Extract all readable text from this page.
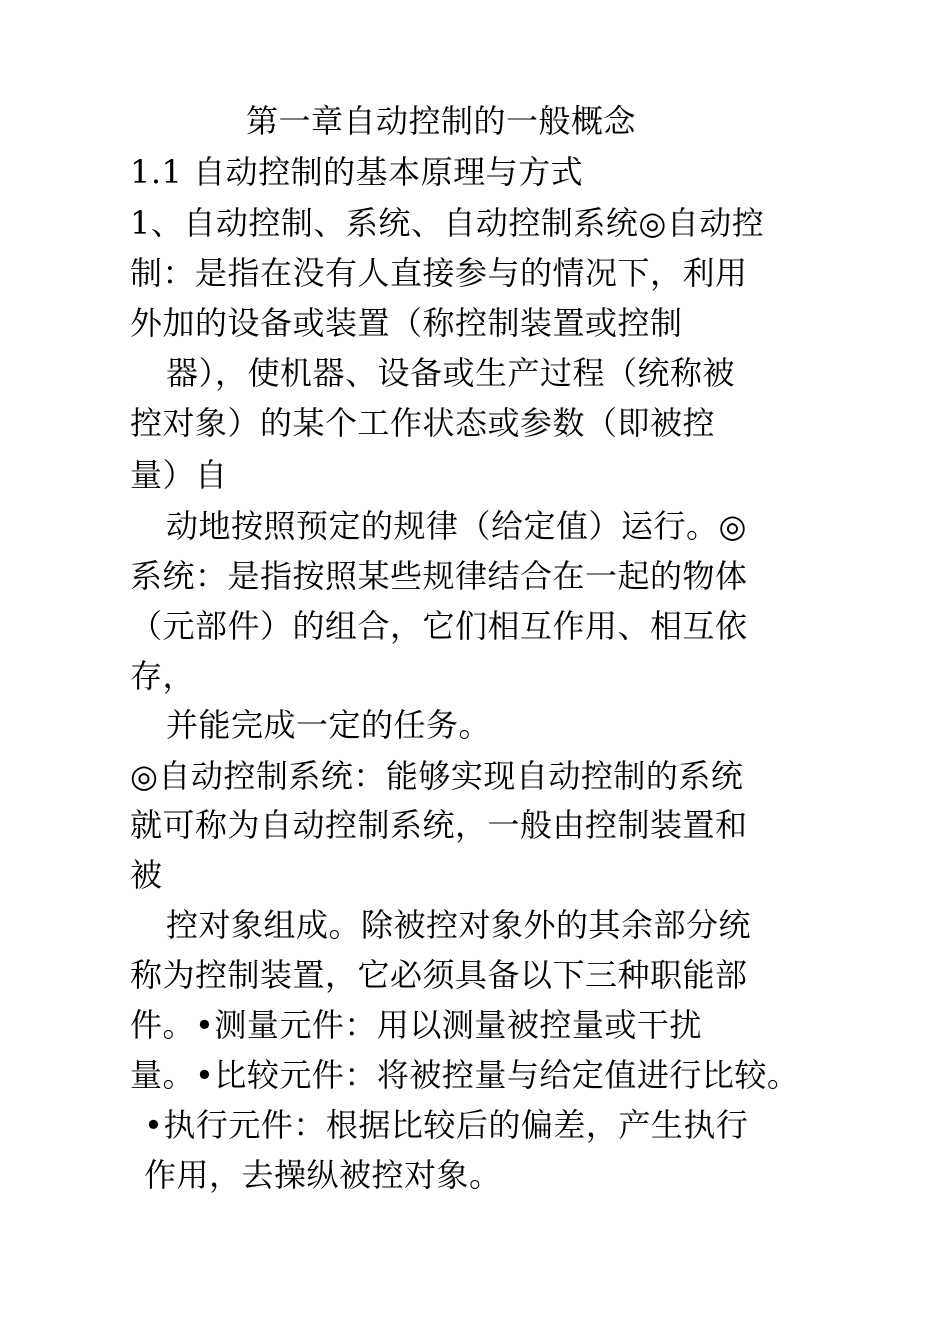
第一章自动控制的一般概念
1.1 自动控制的基本原理与方式
1、自动控制、系统、自动控制系统◎自动控
制：是指在没有人直接参与的情况下，利用
外加的设备或装置（称控制装置或控制
器），使机器、设备或生产过程（统称被
控对象）的某个工作状态或参数（即被控
量）自
动地按照预定的规律（给定值）运行。◎
系统：是指按照某些规律结合在一起的物体
（元部件）的组合，它们相互作用、相互依
存，
并能完成一定的任务。
◎自动控制系统：能够实现自动控制的系统
就可称为自动控制系统，一般由控制装置和
被
控对象组成。除被控对象外的其余部分统
称为控制装置，它必须具备以下三种职能部
件。•测量元件：用以测量被控量或干扰
量。•比较元件：将被控量与给定值进行比较。
•执行元件：根据比较后的偏差，产生执行
作用，去操纵被控对象。
